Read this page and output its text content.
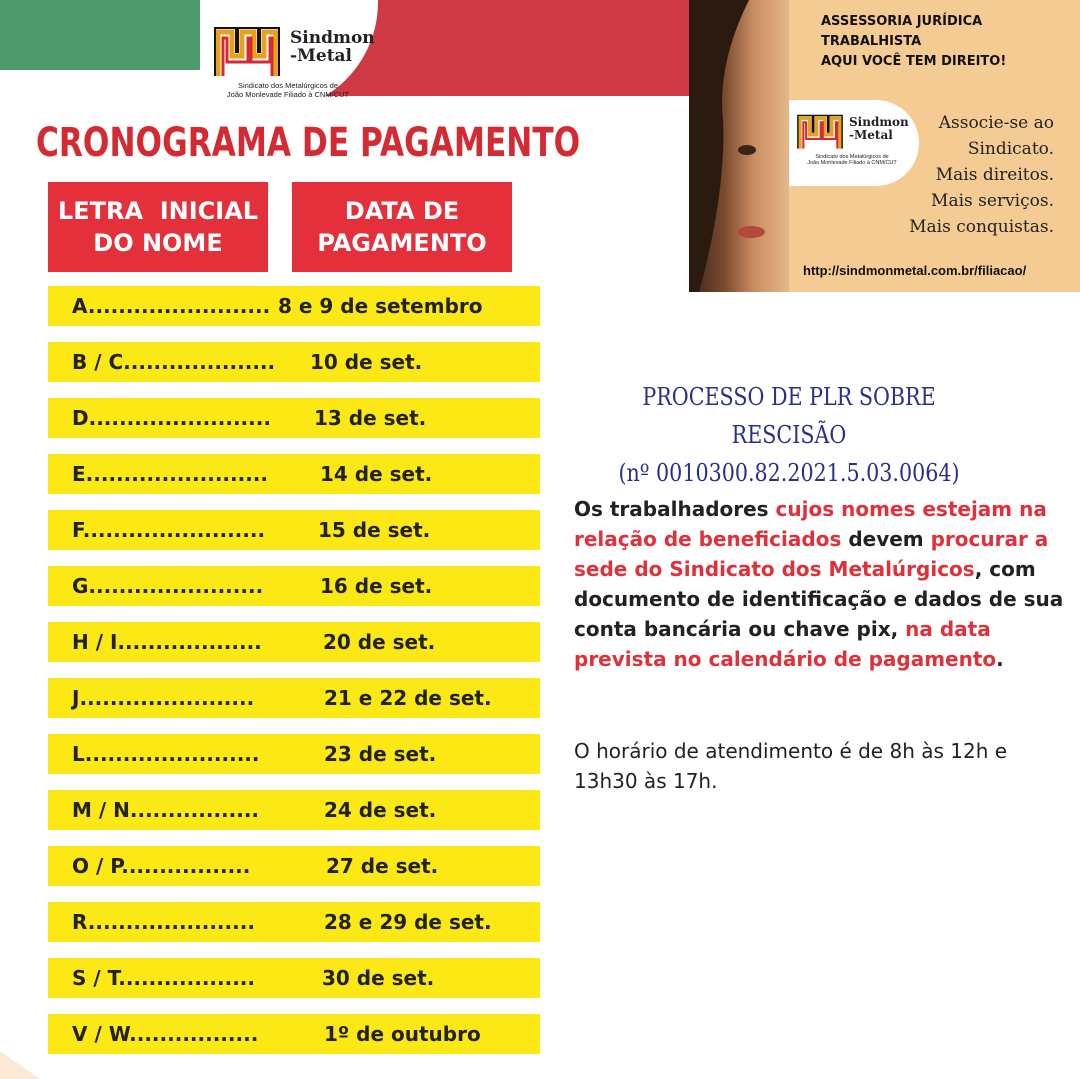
Sindmon
-Metal
Sindicato dos Metalúrgicos de
João Monlevade Filiado à CNM/CUT
CRONOGRAMA DE PAGAMENTO
LETRA  INICIAL
DO NOME
DATA DE
PAGAMENTO
A........................ 8 e 9 de setembro
B / C.................... 10 de set.
D........................ 13 de set.
E........................	14 de set.
F........................	15 de set.
G.......................	16 de set.
H / I...................	20 de set.
J.......................	21 e 22 de set.
L.......................	23 de set.
M / N.................	24 de set.
O / P.................	27 de set.
R......................	28 e 29 de set.
S / T..................	30 de set.
V / W.................	1º de outubro
ASSESSORIA JURÍDICA
TRABALHISTA
AQUI VOCÊ TEM DIREITO!
Sindmon
-Metal
Sindicato dos Metalúrgicos de
João Monlevade Filiado à CNM/CUT
Associe-se ao
Sindicato.
Mais direitos.
Mais serviços.
Mais conquistas.
http://sindmonmetal.com.br/filiacao/
PROCESSO DE PLR SOBRE RESCISÃO
(nº 0010300.82.2021.5.03.0064)
Os trabalhadores cujos nomes estejam na relação de beneficiados devem procurar a sede do Sindicato dos Metalúrgicos, com documento de identificação e dados de sua conta bancária ou chave pix, na data prevista no calendário de pagamento.
O horário de atendimento é de 8h às 12h e 13h30 às 17h.
